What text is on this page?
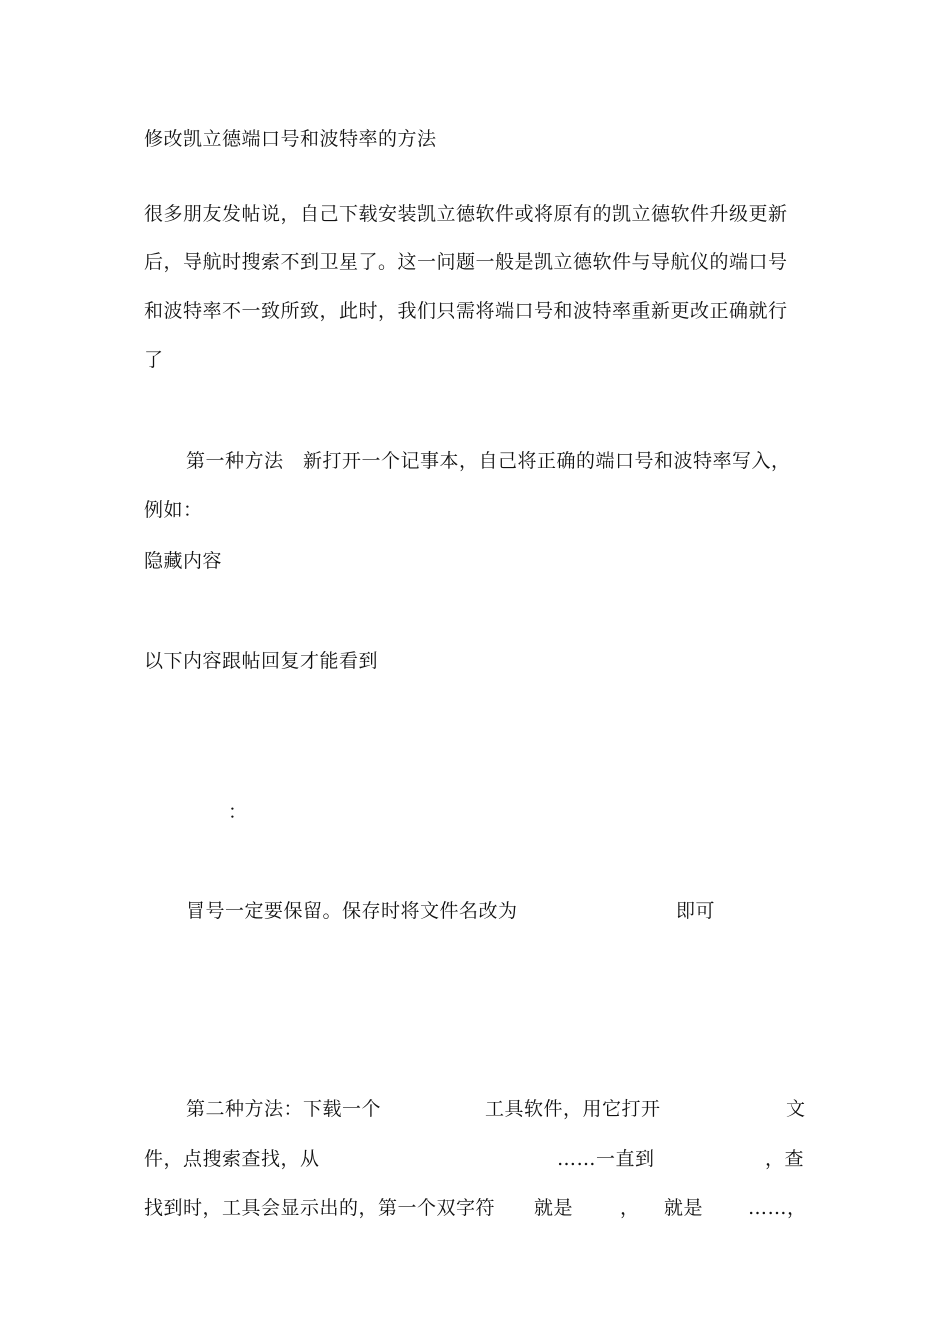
修改凯立德端口号和波特率的方法
很多朋友发帖说，自己下载安装凯立德软件或将原有的凯立德软件升级更新
后，导航时搜索不到卫星了。这一问题一般是凯立德软件与导航仪的端口号
和波特率不一致所致，此时，我们只需将端口号和波特率重新更改正确就行
了
第一种方法　新打开一个记事本，自己将正确的端口号和波特率写入，
例如：
隐藏内容
以下内容跟帖回复才能看到
：
冒号一定要保留。保存时将文件名改为	即可
第二种方法：下载一个	工具软件，用它打开	文
件，点搜索查找，从	……一直到	，查
找到时，工具会显示出的，第一个双字符 就是 ， 就是 ……，
